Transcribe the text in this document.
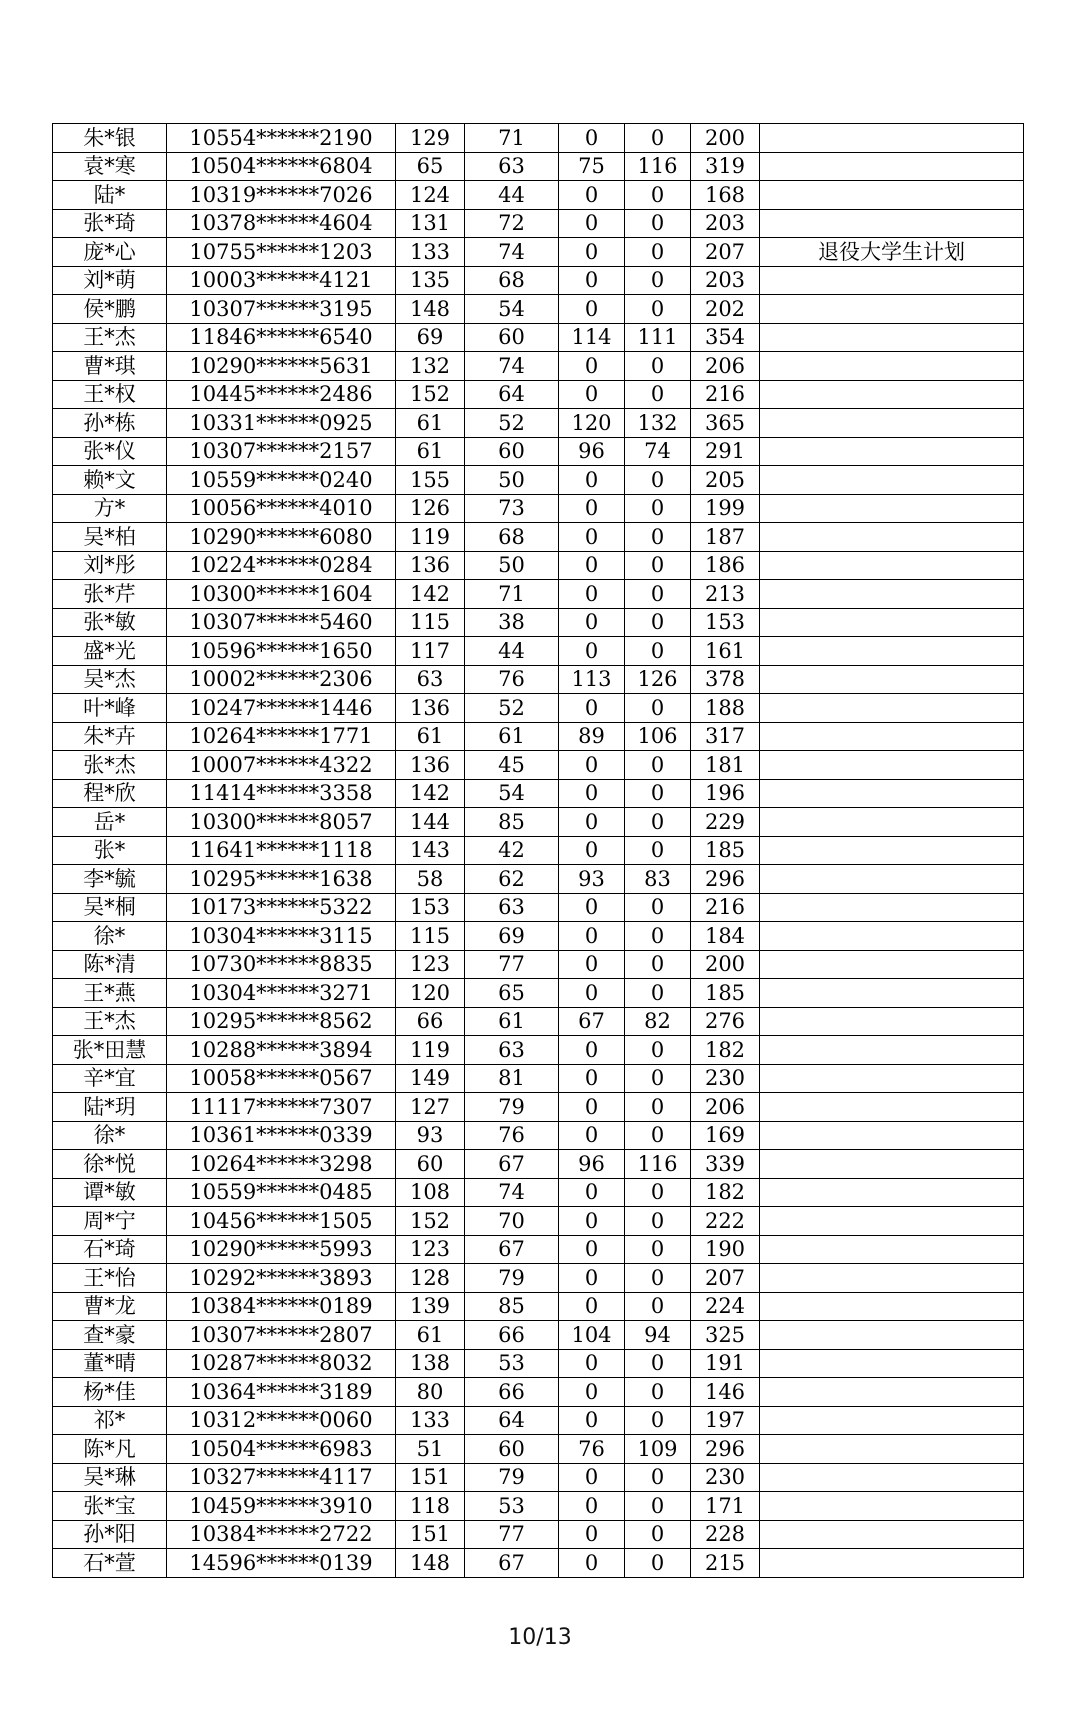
朱*银	10554******2190	129	71	0	0	200	
袁*寒	10504******6804	65	63	75	116	319	
陆*	10319******7026	124	44	0	0	168	
张*琦	10378******4604	131	72	0	0	203	
庞*心	10755******1203	133	74	0	0	207	退役大学生计划
刘*萌	10003******4121	135	68	0	0	203	
侯*鹏	10307******3195	148	54	0	0	202	
王*杰	11846******6540	69	60	114	111	354	
曹*琪	10290******5631	132	74	0	0	206	
王*权	10445******2486	152	64	0	0	216	
孙*栋	10331******0925	61	52	120	132	365	
张*仪	10307******2157	61	60	96	74	291	
赖*文	10559******0240	155	50	0	0	205	
方*	10056******4010	126	73	0	0	199	
吴*柏	10290******6080	119	68	0	0	187	
刘*彤	10224******0284	136	50	0	0	186	
张*芹	10300******1604	142	71	0	0	213	
张*敏	10307******5460	115	38	0	0	153	
盛*光	10596******1650	117	44	0	0	161	
吴*杰	10002******2306	63	76	113	126	378	
叶*峰	10247******1446	136	52	0	0	188	
朱*卉	10264******1771	61	61	89	106	317	
张*杰	10007******4322	136	45	0	0	181	
程*欣	11414******3358	142	54	0	0	196	
岳*	10300******8057	144	85	0	0	229	
张*	11641******1118	143	42	0	0	185	
李*毓	10295******1638	58	62	93	83	296	
吴*桐	10173******5322	153	63	0	0	216	
徐*	10304******3115	115	69	0	0	184	
陈*清	10730******8835	123	77	0	0	200	
王*燕	10304******3271	120	65	0	0	185	
王*杰	10295******8562	66	61	67	82	276	
张*田慧	10288******3894	119	63	0	0	182	
辛*宜	10058******0567	149	81	0	0	230	
陆*玥	11117******7307	127	79	0	0	206	
徐*	10361******0339	93	76	0	0	169	
徐*悦	10264******3298	60	67	96	116	339	
谭*敏	10559******0485	108	74	0	0	182	
周*宁	10456******1505	152	70	0	0	222	
石*琦	10290******5993	123	67	0	0	190	
王*怡	10292******3893	128	79	0	0	207	
曹*龙	10384******0189	139	85	0	0	224	
查*豪	10307******2807	61	66	104	94	325	
董*晴	10287******8032	138	53	0	0	191	
杨*佳	10364******3189	80	66	0	0	146	
祁*	10312******0060	133	64	0	0	197	
陈*凡	10504******6983	51	60	76	109	296	
吴*琳	10327******4117	151	79	0	0	230	
张*宝	10459******3910	118	53	0	0	171	
孙*阳	10384******2722	151	77	0	0	228	
石*萱	14596******0139	148	67	0	0	215	
10/13
